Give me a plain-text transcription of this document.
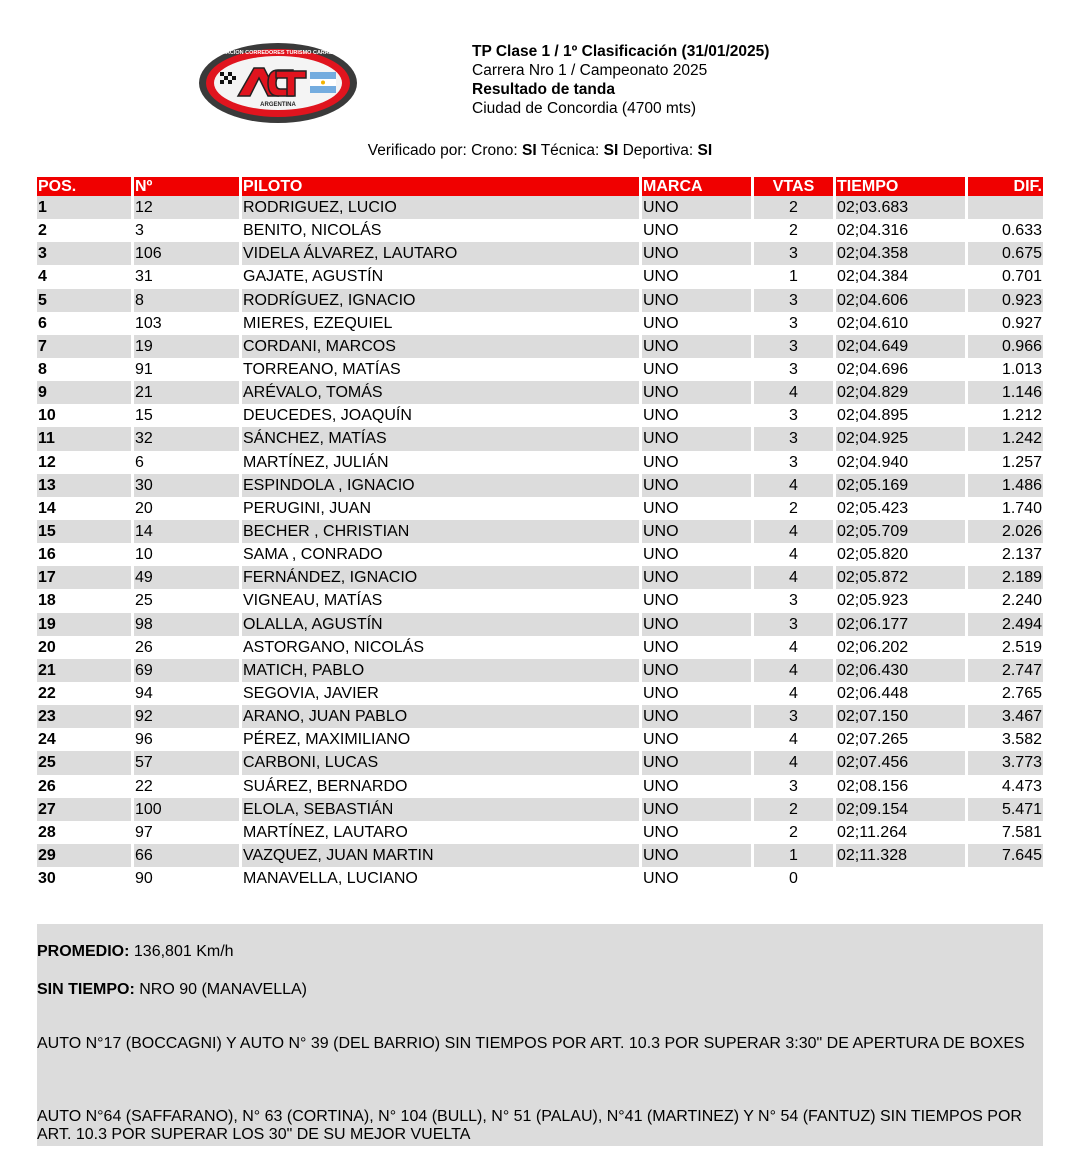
ASOCIACION CORREDORES TURISMO CARRETERA
ARGENTINA
TP Clase 1 / 1º Clasificación (31/01/2025)
Carrera Nro 1 / Campeonato 2025
Resultado de tanda
Ciudad de Concordia (4700 mts)
Verificado por: Crono: SI Técnica: SI Deportiva: SI
POS.	Nº	PILOTO	MARCA	VTAS	TIEMPO	DIF.
1	12	RODRIGUEZ, LUCIO	UNO	2	02;03.683	
2	3	BENITO, NICOLÁS	UNO	2	02;04.316	0.633
3	106	VIDELA ÁLVAREZ, LAUTARO	UNO	3	02;04.358	0.675
4	31	GAJATE, AGUSTÍN	UNO	1	02;04.384	0.701
5	8	RODRÍGUEZ, IGNACIO	UNO	3	02;04.606	0.923
6	103	MIERES, EZEQUIEL	UNO	3	02;04.610	0.927
7	19	CORDANI, MARCOS	UNO	3	02;04.649	0.966
8	91	TORREANO, MATÍAS	UNO	3	02;04.696	1.013
9	21	ARÉVALO, TOMÁS	UNO	4	02;04.829	1.146
10	15	DEUCEDES, JOAQUÍN	UNO	3	02;04.895	1.212
11	32	SÁNCHEZ, MATÍAS	UNO	3	02;04.925	1.242
12	6	MARTÍNEZ, JULIÁN	UNO	3	02;04.940	1.257
13	30	ESPINDOLA , IGNACIO	UNO	4	02;05.169	1.486
14	20	PERUGINI, JUAN	UNO	2	02;05.423	1.740
15	14	BECHER , CHRISTIAN	UNO	4	02;05.709	2.026
16	10	SAMA , CONRADO	UNO	4	02;05.820	2.137
17	49	FERNÁNDEZ, IGNACIO	UNO	4	02;05.872	2.189
18	25	VIGNEAU, MATÍAS	UNO	3	02;05.923	2.240
19	98	OLALLA, AGUSTÍN	UNO	3	02;06.177	2.494
20	26	ASTORGANO, NICOLÁS	UNO	4	02;06.202	2.519
21	69	MATICH, PABLO	UNO	4	02;06.430	2.747
22	94	SEGOVIA, JAVIER	UNO	4	02;06.448	2.765
23	92	ARANO, JUAN PABLO	UNO	3	02;07.150	3.467
24	96	PÉREZ, MAXIMILIANO	UNO	4	02;07.265	3.582
25	57	CARBONI, LUCAS	UNO	4	02;07.456	3.773
26	22	SUÁREZ, BERNARDO	UNO	3	02;08.156	4.473
27	100	ELOLA, SEBASTIÁN	UNO	2	02;09.154	5.471
28	97	MARTÍNEZ, LAUTARO	UNO	2	02;11.264	7.581
29	66	VAZQUEZ, JUAN MARTIN	UNO	1	02;11.328	7.645
30	90	MANAVELLA, LUCIANO	UNO	0		
PROMEDIO: 136,801 Km/h
SIN TIEMPO: NRO 90 (MANAVELLA)
AUTO N°17 (BOCCAGNI) Y AUTO N° 39 (DEL BARRIO) SIN TIEMPOS POR ART. 10.3 POR SUPERAR 3:30" DE APERTURA DE BOXES
AUTO N°64 (SAFFARANO), N° 63 (CORTINA), N° 104 (BULL), N° 51 (PALAU), N°41 (MARTINEZ) Y N° 54 (FANTUZ) SIN TIEMPOS POR ART. 10.3 POR SUPERAR LOS 30" DE SU MEJOR VUELTA
